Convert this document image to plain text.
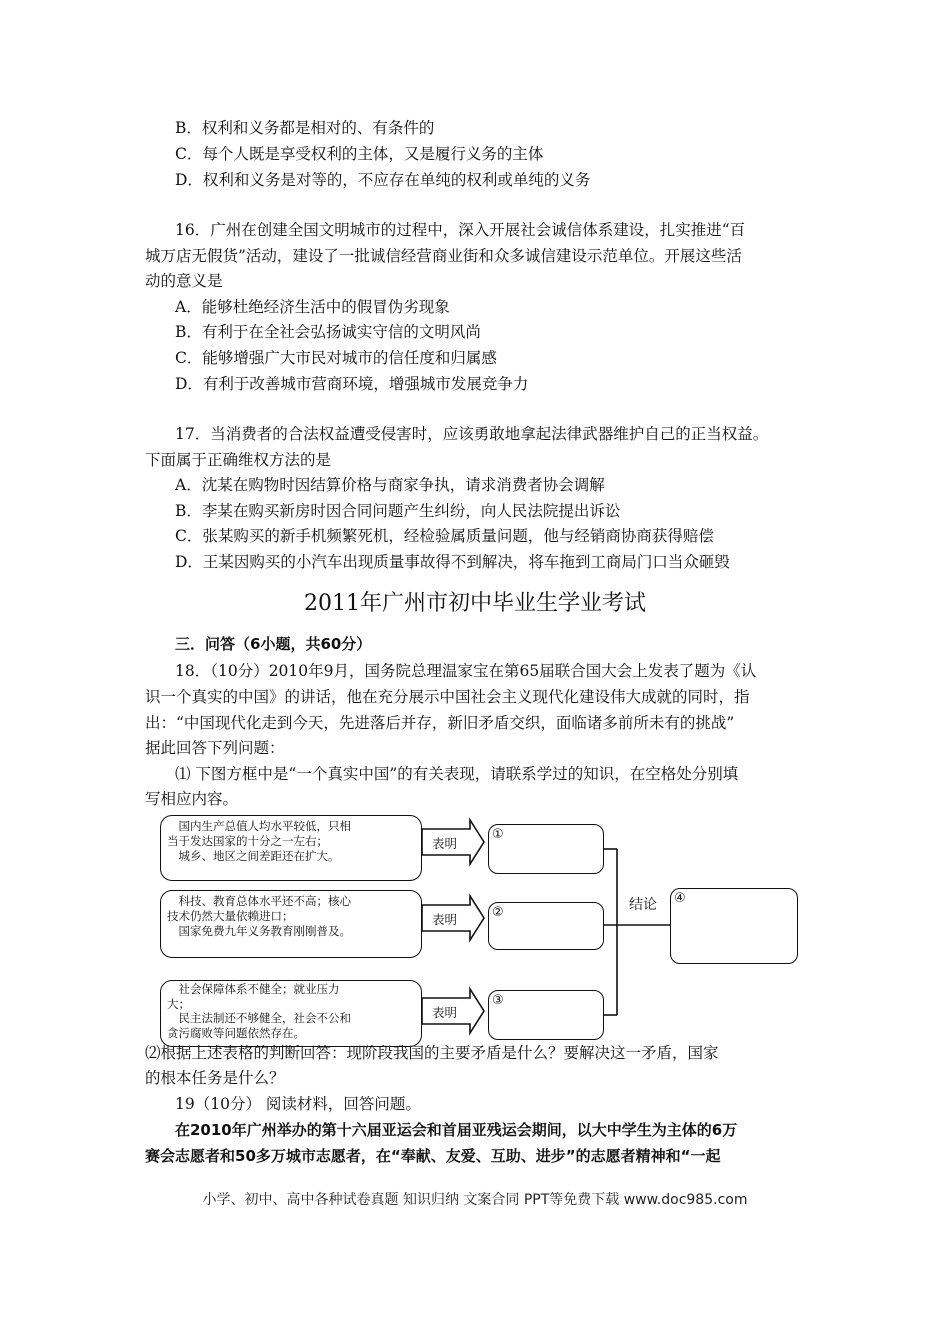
B．权利和义务都是相对的、有条件的
C．每个人既是享受权利的主体，又是履行义务的主体
D．权利和义务是对等的，不应存在单纯的权利或单纯的义务
16．广州在创建全国文明城市的过程中，深入开展社会诚信体系建设，扎实推进“百
城万店无假货”活动，建设了一批诚信经营商业街和众多诚信建设示范单位。开展这些活
动的意义是
A．能够杜绝经济生活中的假冒伪劣现象
B．有利于在全社会弘扬诚实守信的文明风尚
C．能够增强广大市民对城市的信任度和归属感
D．有利于改善城市营商环境，增强城市发展竞争力
17．当消费者的合法权益遭受侵害时，应该勇敢地拿起法律武器维护自己的正当权益。
下面属于正确维权方法的是
A．沈某在购物时因结算价格与商家争执，请求消费者协会调解
B．李某在购买新房时因合同问题产生纠纷，向人民法院提出诉讼
C．张某购买的新手机频繁死机，经检验属质量问题，他与经销商协商获得赔偿
D．王某因购买的小汽车出现质量事故得不到解决，将车拖到工商局门口当众砸毁
2011年广州市初中毕业生学业考试
三．问答（6小题，共60分）
18．（10分）2010年9月，国务院总理温家宝在第65届联合国大会上发表了题为《认
识一个真实的中国》的讲话，他在充分展示中国社会主义现代化建设伟大成就的同时，指
出：“中国现代化走到今天，先进落后并存，新旧矛盾交织，面临诸多前所未有的挑战”
据此回答下列问题：
⑴ 下图方框中是“一个真实中国”的有关表现，请联系学过的知识，在空格处分别填
写相应内容。

　国内生产总值人均水平较低，只相

当于发达国家的十分之一左右；

　城乡、地区之间差距还在扩大。

　科技、教育总体水平还不高；核心

技术仍然大量依赖进口；

　国家免费九年义务教育刚刚普及。

　社会保障体系不健全；就业压力

大；

　民主法制还不够健全，社会不公和

贪污腐败等问题依然存在。

表明
表明
表明
①
②
③
结论 ④
⑵根据上述表格的判断回答：现阶段我国的主要矛盾是什么？要解决这一矛盾，国家
的根本任务是什么？
19（10分） 阅读材料，回答问题。
在2010年广州举办的第十六届亚运会和首届亚残运会期间，以大中学生为主体的6万
赛会志愿者和50多万城市志愿者，在“奉献、友爱、互助、进步”的志愿者精神和“一起
小学、初中、高中各种试卷真题 知识归纳 文案合同 PPT等免费下载 www.doc985.com
